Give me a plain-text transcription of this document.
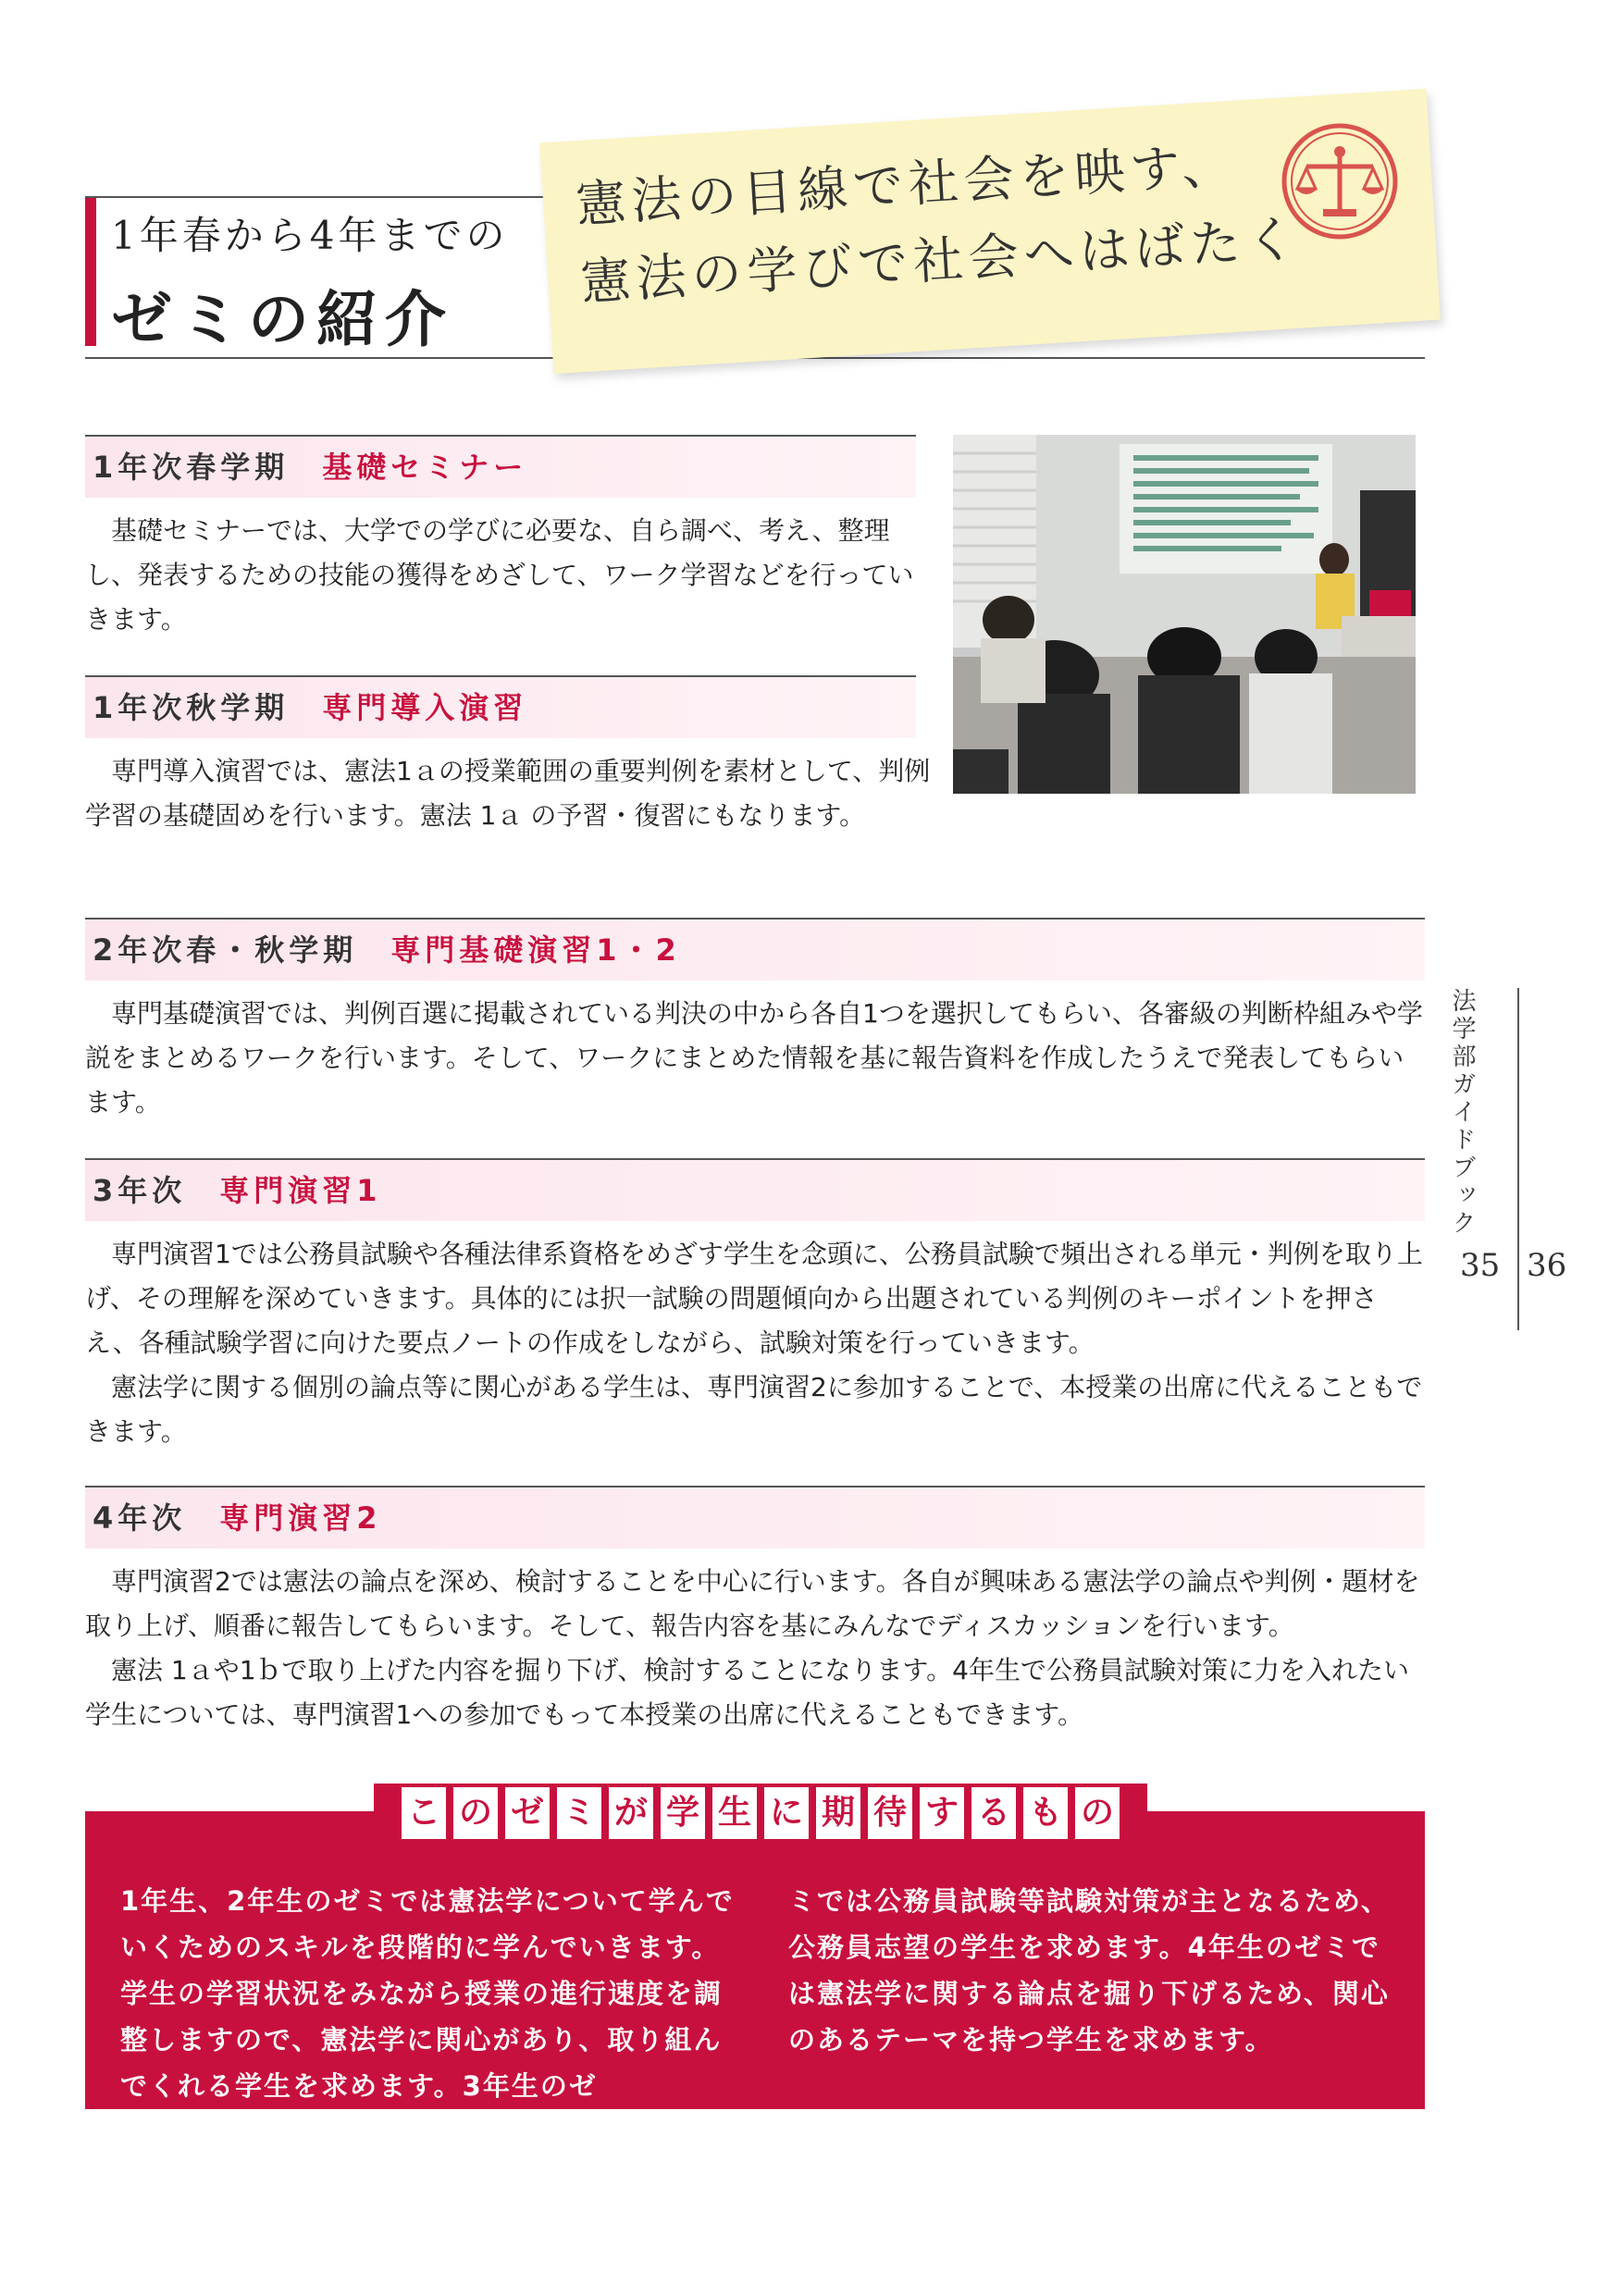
1年春から4年までの
ゼミの紹介
憲法の目線で社会を映す、
憲法の学びで社会へはばたく
1年次春学期 基礎セミナー
基礎セミナーでは、大学での学びに必要な、自ら調べ、考え、整理し、発表するための技能の獲得をめざして、ワーク学習などを行っていきます。
1年次秋学期 専門導入演習
専門導入演習では、憲法1ａの授業範囲の重要判例を素材として、判例学習の基礎固めを行います。憲法 1ａ の予習・復習にもなります。
2年次春・秋学期 専門基礎演習1・2
専門基礎演習では、判例百選に掲載されている判決の中から各自1つを選択してもらい、各審級の判断枠組みや学説をまとめるワークを行います。そして、ワークにまとめた情報を基に報告資料を作成したうえで発表してもらいます。
3年次 専門演習1

専門演習1では公務員試験や各種法律系資格をめざす学生を念頭に、公務員試験で頻出される単元・判例を取り上げ、その理解を深めていきます。具体的には択一試験の問題傾向から出題されている判例のキーポイントを押さえ、各種試験学習に向けた要点ノートの作成をしながら、試験対策を行っていきます。

憲法学に関する個別の論点等に関心がある学生は、専門演習2に参加することで、本授業の出席に代えることもできます。

4年次 専門演習2

専門演習2では憲法の論点を深め、検討することを中心に行います。各自が興味ある憲法学の論点や判例・題材を取り上げ、順番に報告してもらいます。そして、報告内容を基にみんなでディスカッションを行います。

憲法 1ａや1ｂで取り上げた内容を掘り下げ、検討することになります。4年生で公務員試験対策に力を入れたい学生については、専門演習1への参加でもって本授業の出席に代えることもできます。

法学部ガイドブック
35 36
こ の ゼ ミ が 学 生 に 期 待 す る も の
1年生、2年生のゼミでは憲法学について学んでいくためのスキルを段階的に学んでいきます。学生の学習状況をみながら授業の進行速度を調整しますので、憲法学に関心があり、取り組んでくれる学生を求めます。3年生のゼ
ミでは公務員試験等試験対策が主となるため、公務員志望の学生を求めます。4年生のゼミでは憲法学に関する論点を掘り下げるため、関心のあるテーマを持つ学生を求めます。
